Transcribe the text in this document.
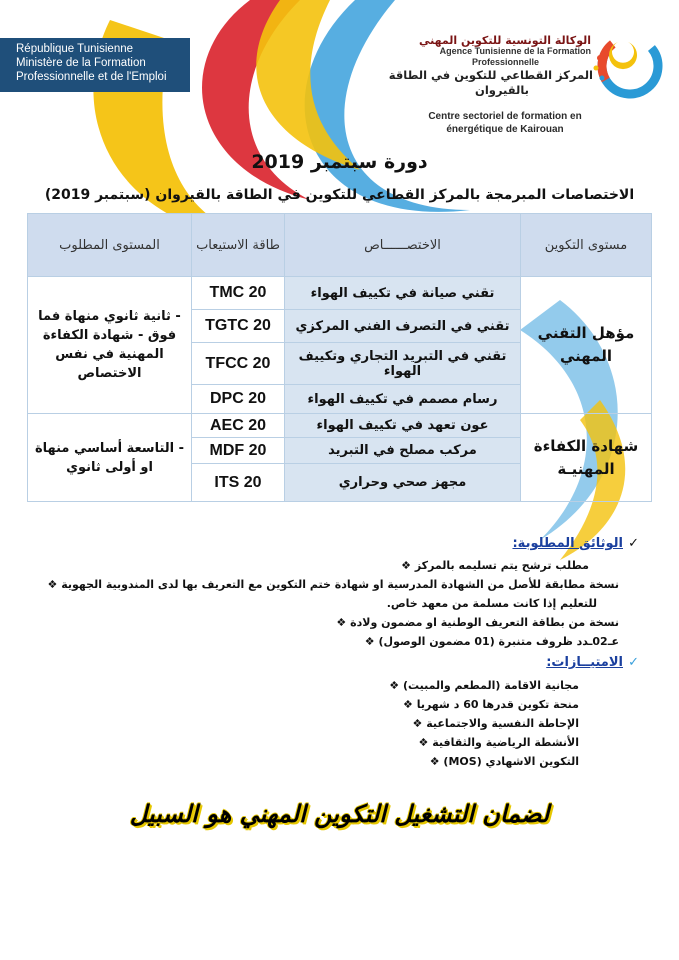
République Tunisienne
Ministère de la Formation
Professionnelle et de l'Emploi
الوكالة التونسية للتكوين المهني
Agence Tunisienne de la Formation
Professionnelle
المركز القطاعي للتكوين في الطاقة
بالقيروان
Centre sectoriel de formation en
énergétique de Kairouan
دورة سبتمبر 2019
الاختصاصات المبرمجة بالمركز القطاعي للتكوين في الطاقة بالقيروان (سبتمبر 2019)
مستوى التكوين	الاختصــــــاص	طاقة الاستيعاب	المستوى المطلوب
مؤهل التقني المهني	تقني صيانة في تكييف الهواء	20 TMC	- ثانية ثانوي منهاة فما فوق - شهادة الكفاءة المهنية في نفس الاختصاص
	تقني في التصرف الفني المركزي	20 TGTC	
	تقني في التبريد التجاري وتكييف الهواء	20 TFCC	
	رسام مصمم في تكييف الهواء	20 DPC	
شهادة الكفاءة المهنيـة	عون تعهد في تكييف الهواء	20 AEC	- التاسعة أساسي منهاة او أولى ثانوي
	مركب مصلح في التبريد	20 MDF	
	مجهز صحي وحراري	20 ITS	
✓
الوثائق المطلوبة:
مطلب ترشح يتم تسليمه بالمركز ❖
نسخة مطابقة للأصل من الشهادة المدرسية او شهادة ختم التكوين مع التعريف بها لدى المندوبية الجهوية ❖
للتعليم إذا كانت مسلمة من معهد خاص.
نسخة من بطاقة التعريف الوطنية او مضمون ولادة ❖
عـ02ـدد ظروف متنبرة (01 مضمون الوصول) ❖
✓
الامتيــازات:
مجانية الاقامة (المطعم والمبيت) ❖
منحة تكوين قدرها 60 د شهريا ❖
الإحاطة النفسية والاجتماعية ❖
الأنشطة الرياضية والثقافية ❖
التكوين الاشهادي (MOS) ❖
لضمان التشغيل التكوين المهني هو السبيل
